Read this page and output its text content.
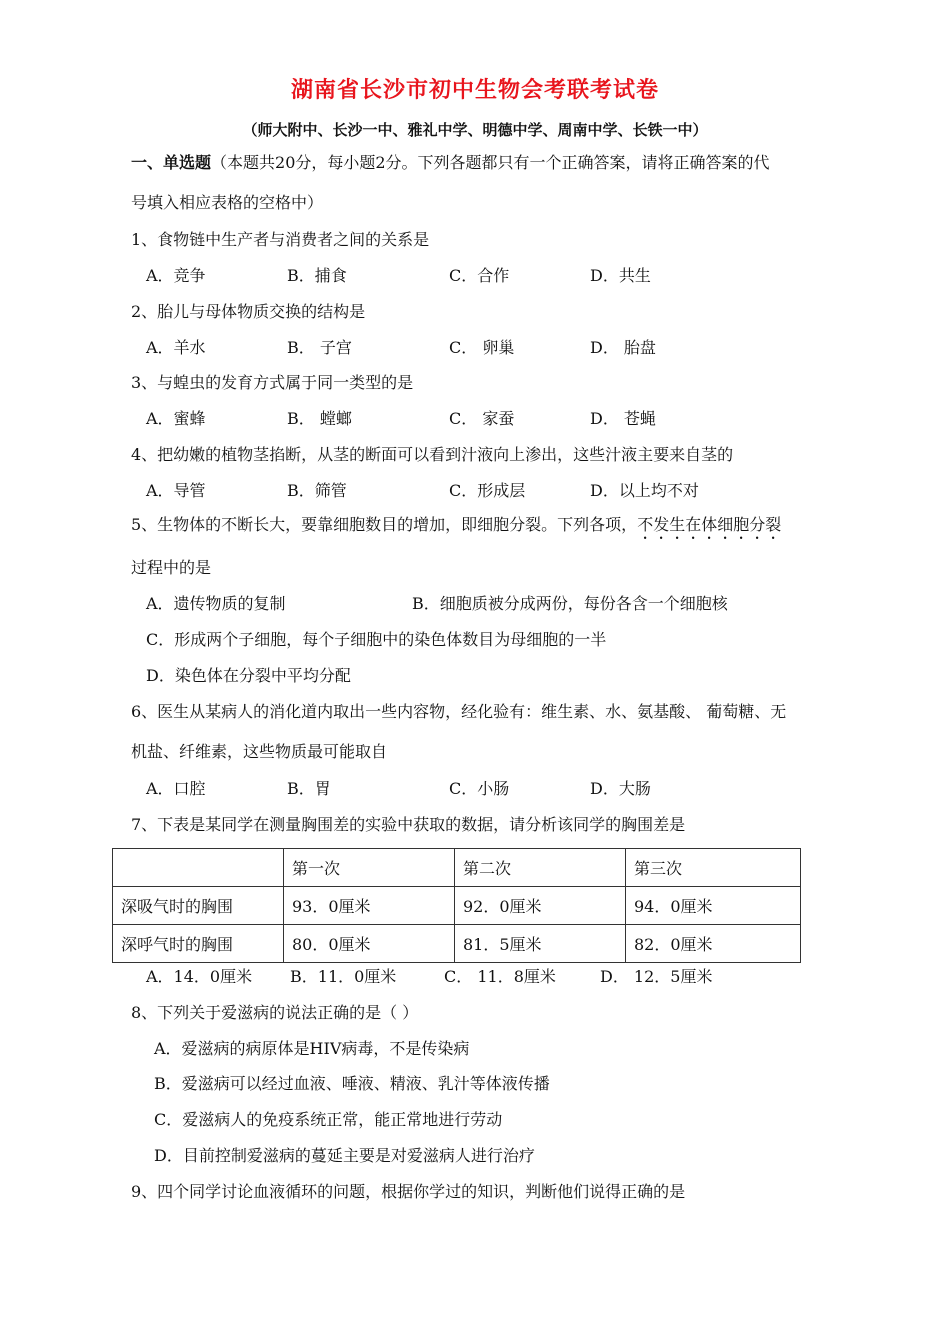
湖南省长沙市初中生物会考联考试卷
（师大附中、长沙一中、雅礼中学、明德中学、周南中学、长铁一中）
一、单选题（本题共20分，每小题2分。下列各题都只有一个正确答案，请将正确答案的代
号填入相应表格的空格中）
1、食物链中生产者与消费者之间的关系是
A．竞争	B．捕食	C．合作	D．共生
2、胎儿与母体物质交换的结构是
A．羊水	B． 子宫	C． 卵巢	D． 胎盘
3、与蝗虫的发育方式属于同一类型的是
A．蜜蜂	B． 螳螂	C． 家蚕	D． 苍蝇
4、把幼嫩的植物茎掐断，从茎的断面可以看到汁液向上渗出，这些汁液主要来自茎的
A．导管	B．筛管	C．形成层	D．以上均不对
5、生物体的不断长大，要靠细胞数目的增加，即细胞分裂。下列各项，不发生在体细胞分裂
过程中的是
A．遗传物质的复制	B．细胞质被分成两份，每份各含一个细胞核
C．形成两个子细胞，每个子细胞中的染色体数目为母细胞的一半
D．染色体在分裂中平均分配
6、医生从某病人的消化道内取出一些内容物，经化验有：维生素、水、氨基酸、 葡萄糖、无
机盐、纤维素，这些物质最可能取自
A．口腔	B．胃	C．小肠	D．大肠
7、下表是某同学在测量胸围差的实验中获取的数据，请分析该同学的胸围差是
	第一次	第二次	第三次
深吸气时的胸围	93．0厘米	92．0厘米	94．0厘米
深呼气时的胸围	80．0厘米	81．5厘米	82．0厘米
A．14．0厘米 B．11．0厘米	C． 11．8厘米	D． 12．5厘米
8、下列关于爱滋病的说法正确的是（ ）
A．爱滋病的病原体是HIV病毒，不是传染病
B．爱滋病可以经过血液、唾液、精液、乳汁等体液传播
C．爱滋病人的免疫系统正常，能正常地进行劳动
D．目前控制爱滋病的蔓延主要是对爱滋病人进行治疗
9、四个同学讨论血液循环的问题，根据你学过的知识，判断他们说得正确的是
